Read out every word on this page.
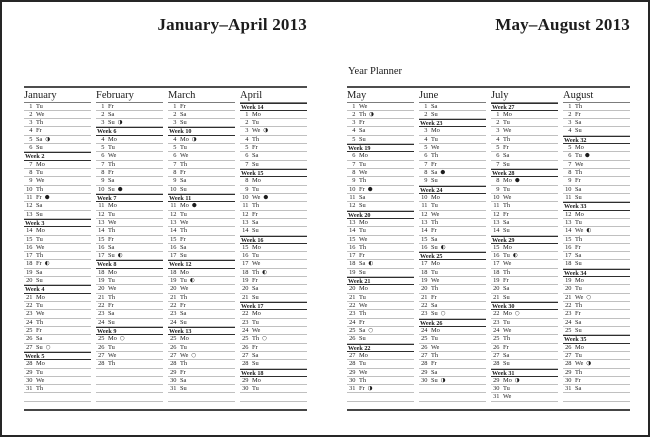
January–April 2013
January
1 Tu
2 We
3 Th
4 Fr
5 Sa ◑
6 Su
Week 2
7 Mo
8 Tu
9 We
10 Th
11 Fr ●
12 Sa
13 Su
Week 3
14 Mo
15 Tu
16 We
17 Th
18 Fr ◐
19 Sa
20 Su
Week 4
21 Mo
22 Tu
23 We
24 Th
25 Fr
26 Sa
27 Su ○
Week 5
28 Mo
29 Tu
30 We
31 Th
February
1 Fr
2 Sa
3 Su ◑
Week 6
4 Mo
5 Tu
6 We
7 Th
8 Fr
9 Sa
10 Su ●
Week 7
11 Mo
12 Tu
13 We
14 Th
15 Fr
16 Sa
17 Su ◐
Week 8
18 Mo
19 Tu
20 We
21 Th
22 Fr
23 Sa
24 Su
Week 9
25 Mo ○
26 Tu
27 We
28 Th
March
1 Fr
2 Sa
3 Su
Week 10
4 Mo ◑
5 Tu
6 We
7 Th
8 Fr
9 Sa
10 Su
Week 11
11 Mo ●
12 Tu
13 We
14 Th
15 Fr
16 Sa
17 Su
Week 12
18 Mo
19 Tu ◐
20 We
21 Th
22 Fr
23 Sa
24 Su
Week 13
25 Mo
26 Tu
27 We ○
28 Th
29 Fr
30 Sa
31 Su
April
Week 14
1 Mo
2 Tu
3 We ◑
4 Th
5 Fr
6 Sa
7 Su
Week 15
8 Mo
9 Tu
10 We ●
11 Th
12 Fr
13 Sa
14 Su
Week 16
15 Mo
16 Tu
17 We
18 Th ◐
19 Fr
20 Sa
21 Su
Week 17
22 Mo
23 Tu
24 We
25 Th ○
26 Fr
27 Sa
28 Su
Week 18
29 Mo
30 Tu
May–August 2013
Year Planner
May
1 We
2 Th ◑
3 Fr
4 Sa
5 Su
Week 19
6 Mo
7 Tu
8 We
9 Th
10 Fr ●
11 Sa
12 Su
Week 20
13 Mo
14 Tu
15 We
16 Th
17 Fr
18 Sa ◐
19 Su
Week 21
20 Mo
21 Tu
22 We
23 Th
24 Fr
25 Sa ○
26 Su
Week 22
27 Mo
28 Tu
29 We
30 Th
31 Fr ◑
June
1 Sa
2 Su
Week 23
3 Mo
4 Tu
5 We
6 Th
7 Fr
8 Sa ●
9 Su
Week 24
10 Mo
11 Tu
12 We
13 Th
14 Fr
15 Sa
16 Su ◐
Week 25
17 Mo
18 Tu
19 We
20 Th
21 Fr
22 Sa
23 Su ○
Week 26
24 Mo
25 Tu
26 We
27 Th
28 Fr
29 Sa
30 Su ◑
July
Week 27
1 Mo
2 Tu
3 We
4 Th
5 Fr
6 Sa
7 Su
Week 28
8 Mo ●
9 Tu
10 We
11 Th
12 Fr
13 Sa
14 Su
Week 29
15 Mo
16 Tu ◐
17 We
18 Th
19 Fr
20 Sa
21 Su
Week 30
22 Mo ○
23 Tu
24 We
25 Th
26 Fr
27 Sa
28 Su
Week 31
29 Mo ◑
30 Tu
31 We
August
1 Th
2 Fr
3 Sa
4 Su
Week 32
5 Mo
6 Tu ●
7 We
8 Th
9 Fr
10 Sa
11 Su
Week 33
12 Mo
13 Tu
14 We ◐
15 Th
16 Fr
17 Sa
18 Su
Week 34
19 Mo
20 Tu
21 We ○
22 Th
23 Fr
24 Sa
25 Su
Week 35
26 Mo
27 Tu
28 We ◑
29 Th
30 Fr
31 Sa
